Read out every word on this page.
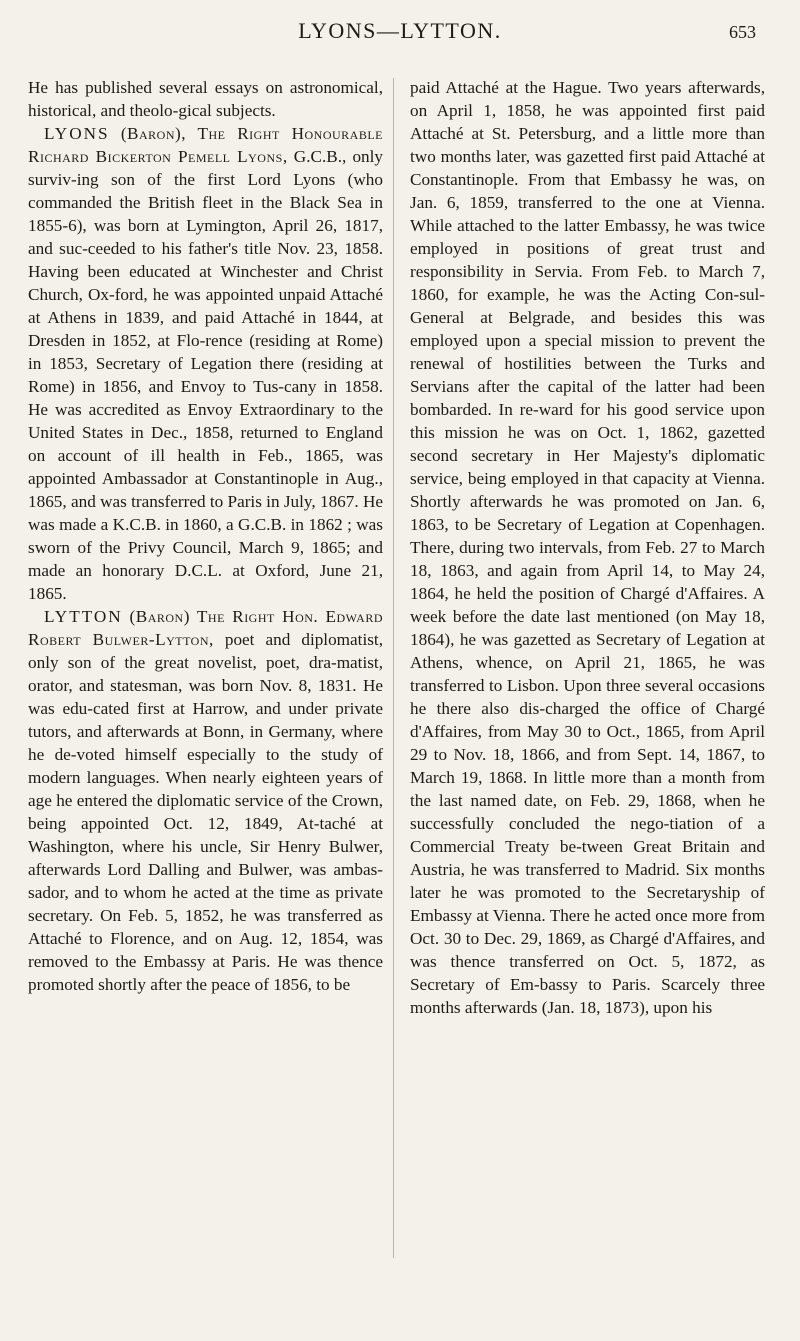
LYONS—LYTTON.	653

He has published several essays on astronomical, historical, and theolo-gical subjects.

LYONS (Baron), The Right Honourable Richard Bickerton Pemell Lyons, G.C.B., only surviv-ing son of the first Lord Lyons (who commanded the British fleet in the Black Sea in 1855-6), was born at Lymington, April 26, 1817, and suc-ceeded to his father's title Nov. 23, 1858. Having been educated at Winchester and Christ Church, Ox-ford, he was appointed unpaid Attaché at Athens in 1839, and paid Attaché in 1844, at Dresden in 1852, at Flo-rence (residing at Rome) in 1853, Secretary of Legation there (residing at Rome) in 1856, and Envoy to Tus-cany in 1858. He was accredited as Envoy Extraordinary to the United States in Dec., 1858, returned to England on account of ill health in Feb., 1865, was appointed Ambassador at Constantinople in Aug., 1865, and was transferred to Paris in July, 1867. He was made a K.C.B. in 1860, a G.C.B. in 1862 ; was sworn of the Privy Council, March 9, 1865; and made an honorary D.C.L. at Oxford, June 21, 1865.

LYTTON (Baron) The Right Hon. Edward Robert Bulwer-Lytton, poet and diplomatist, only son of the great novelist, poet, dra-matist, orator, and statesman, was born Nov. 8, 1831. He was edu-cated first at Harrow, and under private tutors, and afterwards at Bonn, in Germany, where he de-voted himself especially to the study of modern languages. When nearly eighteen years of age he entered the diplomatic service of the Crown, being appointed Oct. 12, 1849, At-taché at Washington, where his uncle, Sir Henry Bulwer, afterwards Lord Dalling and Bulwer, was ambas-sador, and to whom he acted at the time as private secretary. On Feb. 5, 1852, he was transferred as Attaché to Florence, and on Aug. 12, 1854, was removed to the Embassy at Paris. He was thence promoted shortly after the peace of 1856, to be

paid Attaché at the Hague. Two years afterwards, on April 1, 1858, he was appointed first paid Attaché at St. Petersburg, and a little more than two months later, was gazetted first paid Attaché at Constantinople. From that Embassy he was, on Jan. 6, 1859, transferred to the one at Vienna. While attached to the latter Embassy, he was twice employed in positions of great trust and responsibility in Servia. From Feb. to March 7, 1860, for example, he was the Acting Con-sul-General at Belgrade, and besides this was employed upon a special mission to prevent the renewal of hostilities between the Turks and Servians after the capital of the latter had been bombarded. In re-ward for his good service upon this mission he was on Oct. 1, 1862, gazetted second secretary in Her Majesty's diplomatic service, being employed in that capacity at Vienna. Shortly afterwards he was promoted on Jan. 6, 1863, to be Secretary of Legation at Copenhagen. There, during two intervals, from Feb. 27 to March 18, 1863, and again from April 14, to May 24, 1864, he held the position of Chargé d'Affaires. A week before the date last mentioned (on May 18, 1864), he was gazetted as Secretary of Legation at Athens, whence, on April 21, 1865, he was transferred to Lisbon. Upon three several occasions he there also dis-charged the office of Chargé d'Affaires, from May 30 to Oct., 1865, from April 29 to Nov. 18, 1866, and from Sept. 14, 1867, to March 19, 1868. In little more than a month from the last named date, on Feb. 29, 1868, when he successfully concluded the nego-tiation of a Commercial Treaty be-tween Great Britain and Austria, he was transferred to Madrid. Six months later he was promoted to the Secretaryship of Embassy at Vienna. There he acted once more from Oct. 30 to Dec. 29, 1869, as Chargé d'Affaires, and was thence transferred on Oct. 5, 1872, as Secretary of Em-bassy to Paris. Scarcely three months afterwards (Jan. 18, 1873), upon his
